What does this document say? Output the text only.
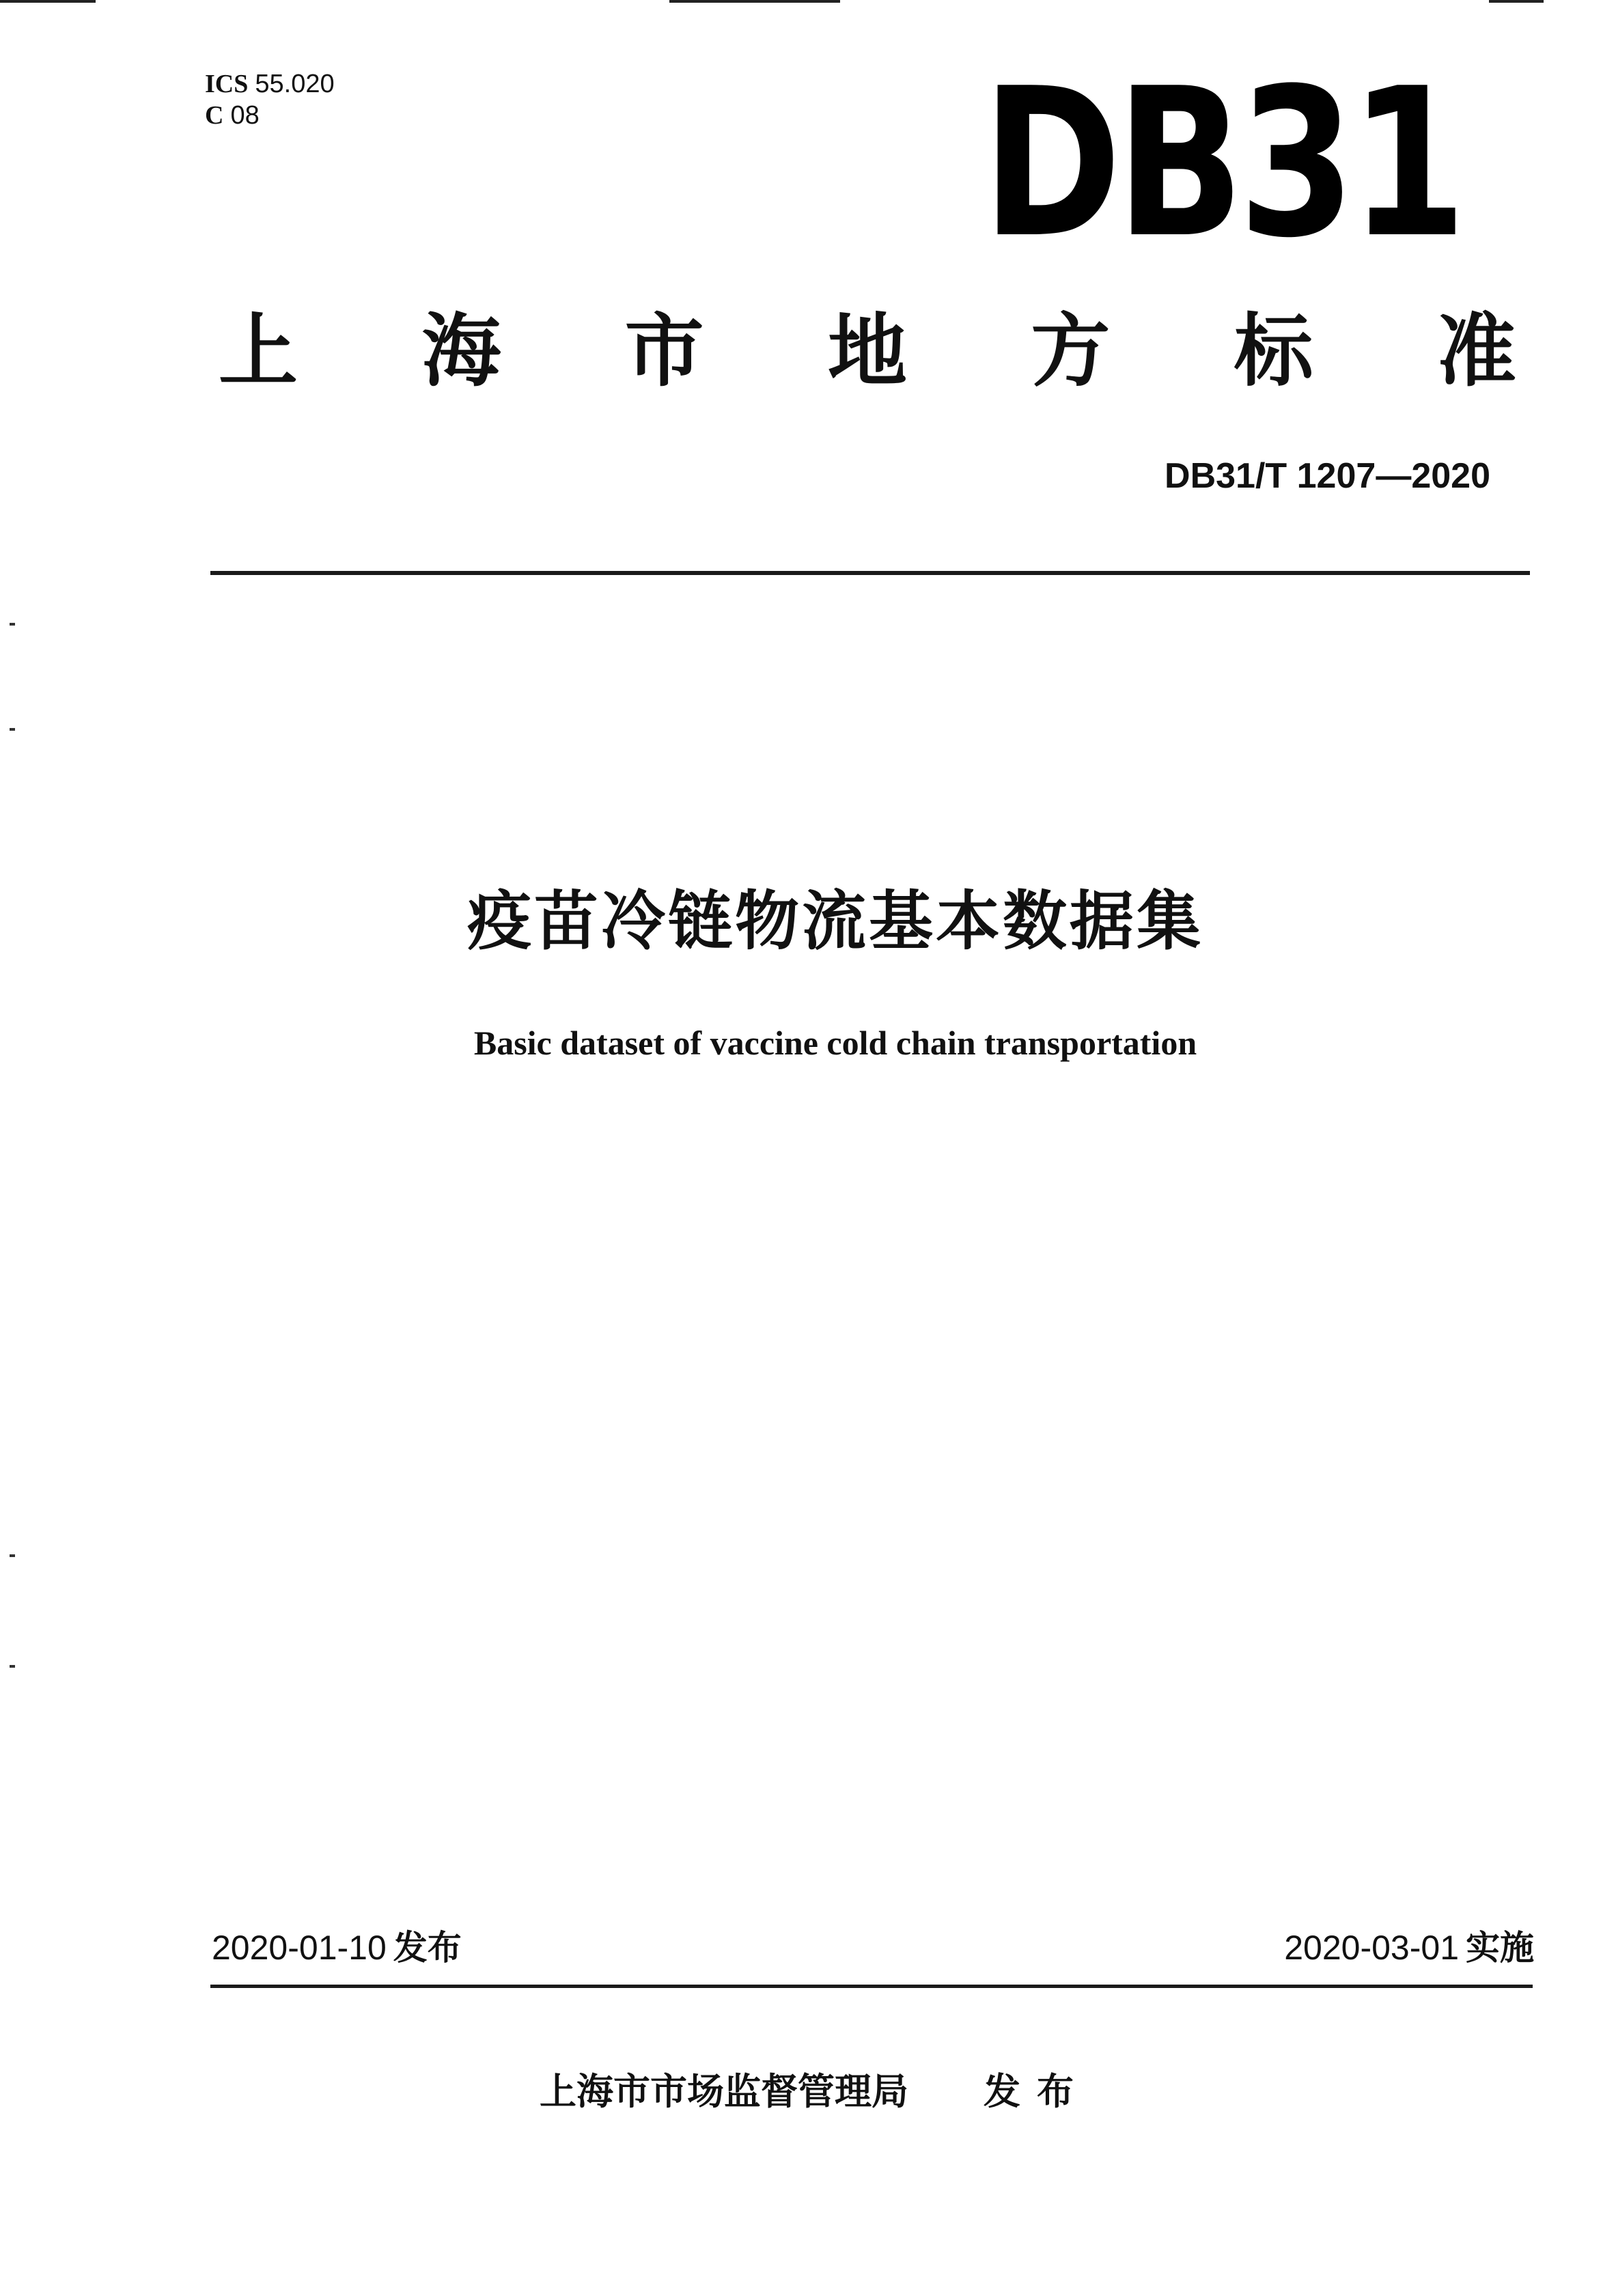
ICS 55.020
C 08	DB31
上 海 市 地 方 标 准
DB31/T 1207—2020
疫苗冷链物流基本数据集
Basic dataset of vaccine cold chain transportation
2020-01-10 发布	2020-03-01 实施
上海市市场监督管理局 发布
